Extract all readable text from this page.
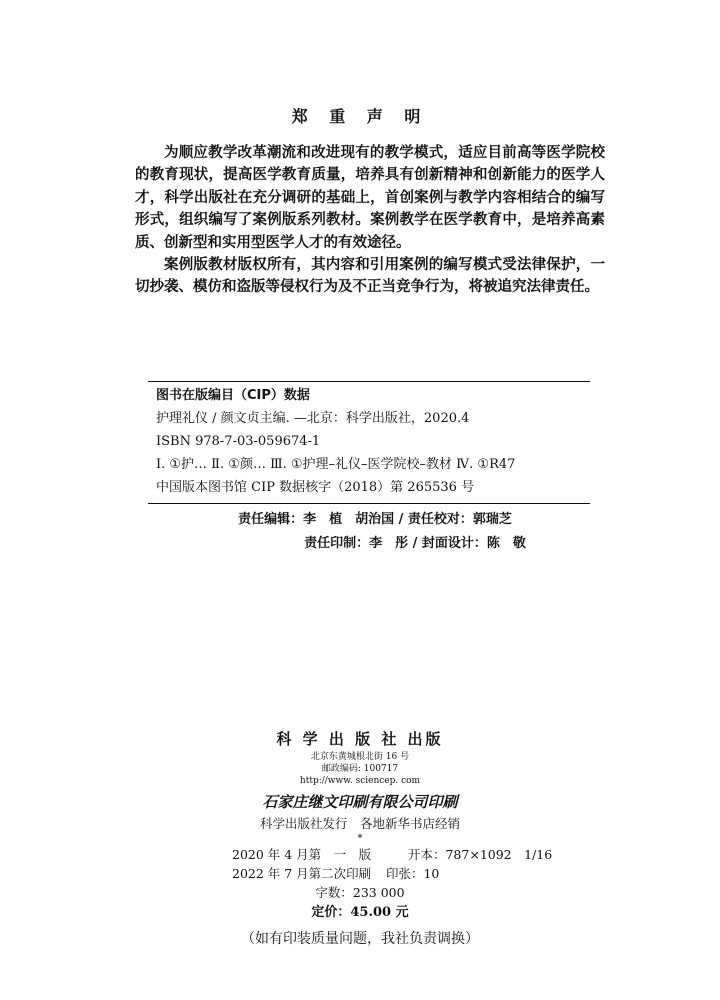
郑 重 声 明

为顺应教学改革潮流和改进现有的教学模式，适应目前高等医学院校的教育现状，提高医学教育质量，培养具有创新精神和创新能力的医学人才，科学出版社在充分调研的基础上，首创案例与教学内容相结合的编写形式，组织编写了案例版系列教材。案例教学在医学教育中，是培养高素质、创新型和实用型医学人才的有效途径。

案例版教材版权所有，其内容和引用案例的编写模式受法律保护，一切抄袭、模仿和盗版等侵权行为及不正当竞争行为，将被追究法律责任。

图书在版编目（CIP）数据
护理礼仪 / 颜文贞主编. —北京：科学出版社，2020.4
ISBN 978-7-03-059674-1
Ⅰ. ①护… Ⅱ. ①颜… Ⅲ. ①护理–礼仪–医学院校–教材 Ⅳ. ①R47
中国版本图书馆 CIP 数据核字（2018）第 265536 号
责任编辑：李　植　胡治国 / 责任校对：郭瑞芝
责任印制：李　彤 / 封面设计：陈　敬
科 学 出 版 社 出版
北京东黄城根北街 16 号
邮政编码: 100717
http://www. sciencep. com
石家庄继文印刷有限公司印刷
科学出版社发行　各地新华书店经销
*
2020 年 4 月第　一　版	开本：787×1092　1/16
2022 年 7 月第二次印刷 印张：10
字数：233 000
定价：45.00 元
（如有印装质量问题，我社负责调换）
